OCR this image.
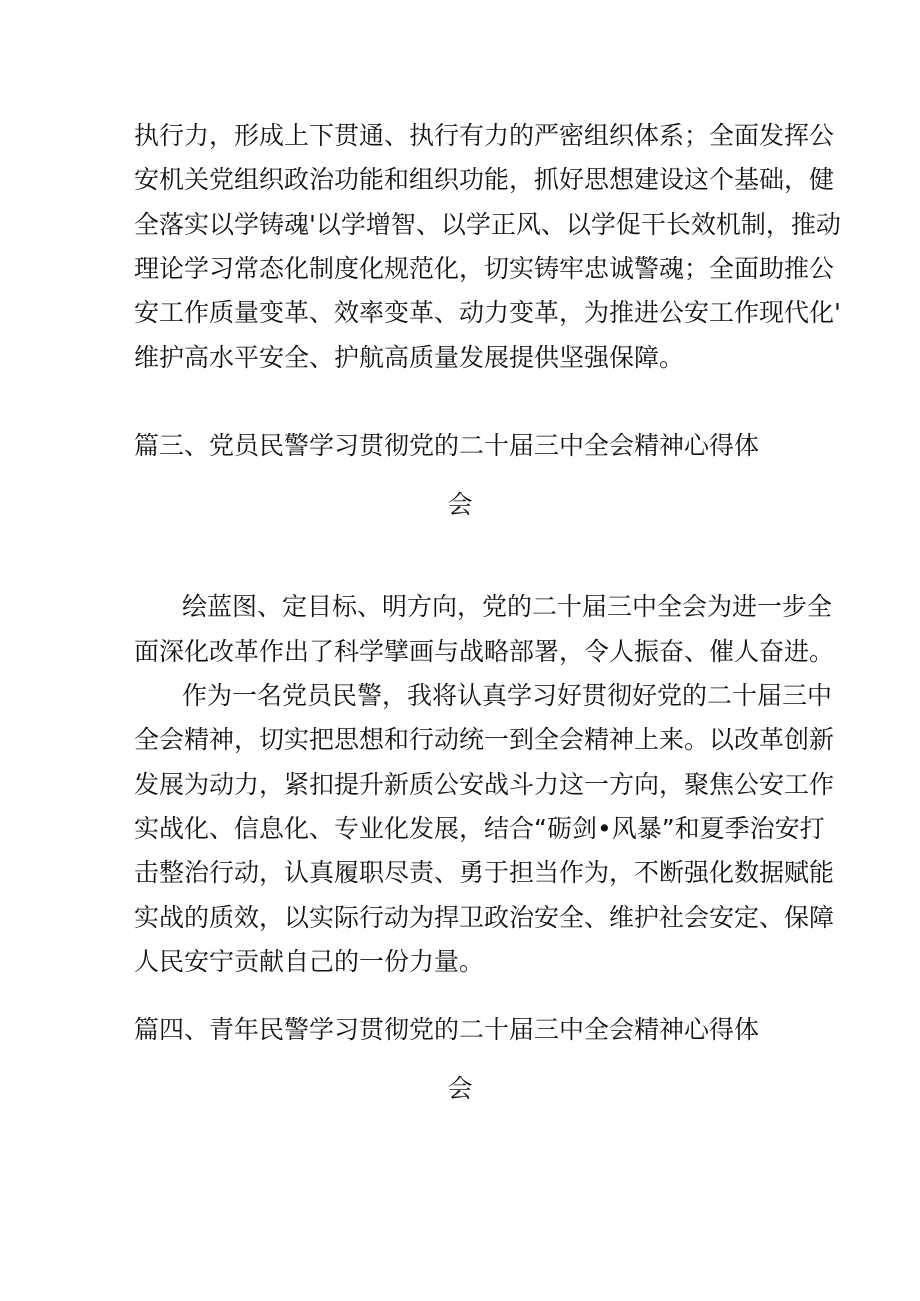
执行力，形成上下贯通、执行有力的严密组织体系；全面发挥公
安机关党组织政治功能和组织功能，抓好思想建设这个基础，健
全落实以学铸魂'以学增智、以学正风、以学促干长效机制，推动
理论学习常态化制度化规范化，切实铸牢忠诚警魂；全面助推公
安工作质量变革、效率变革、动力变革，为推进公安工作现代化'
维护高水平安全、护航高质量发展提供坚强保障。
篇三、党员民警学习贯彻党的二十届三中全会精神心得体
会
绘蓝图、定目标、明方向，党的二十届三中全会为进一步全
面深化改革作出了科学擘画与战略部署，令人振奋、催人奋进。
作为一名党员民警，我将认真学习好贯彻好党的二十届三中
全会精神，切实把思想和行动统一到全会精神上来。以改革创新
发展为动力，紧扣提升新质公安战斗力这一方向，聚焦公安工作
实战化、信息化、专业化发展，结合“砺剑•风暴”和夏季治安打
击整治行动，认真履职尽责、勇于担当作为，不断强化数据赋能
实战的质效，以实际行动为捍卫政治安全、维护社会安定、保障
人民安宁贡献自己的一份力量。
篇四、青年民警学习贯彻党的二十届三中全会精神心得体
会
